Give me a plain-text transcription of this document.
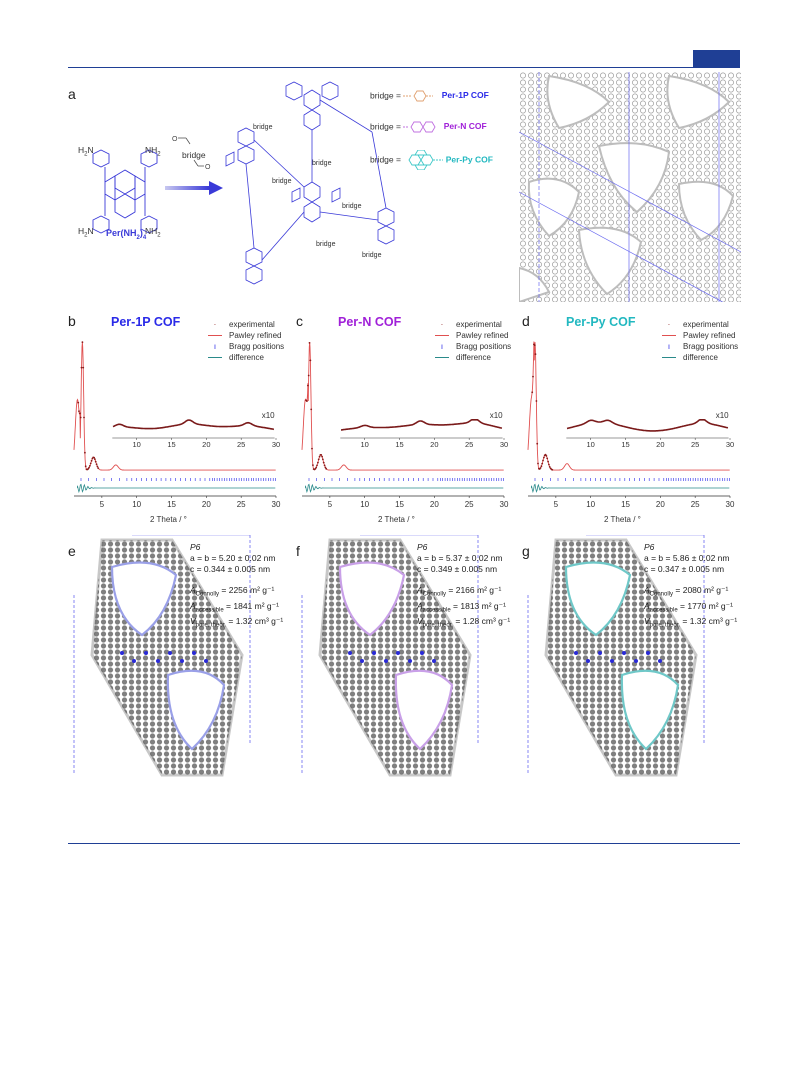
a
$H_2N$	$NH_2$
$H_2N$	$NH_2$
$Per(NH_2)_4$
O
O
bridge
bridge
bridge
bridge
bridge
bridge
bridge
bridge =	Per-1P COF
bridge =	Per-N COF
bridge =	Per-Py COF
b	c	d
Per-1P COF	Per-N COF	Per-Py COF
·	experimental
Pawley refined
ı	Bragg positions
difference
·	experimental
Pawley refined
ı	Bragg positions
difference
·	experimental
Pawley refined
ı	Bragg positions
difference
10	15	20	25	30
x10
5	10	15	20	25	30
10	15	20	25	30
x10
5	10	15	20	25	30
10	15	20	25	30
x10
5	10	15	20	25	30
2 Theta / °	2 Theta / °	2 Theta / °
e	f	g
P6
a = b = 5.20 ± 0.02 nm
c = 0.344 ± 0.005 nm
$A_{Connolly} = 2256$ m² g⁻¹
$A_{accessible} = 1841$ m² g⁻¹
$V_{pore, theor.} = 1.32$ cm³ g⁻¹
P6
a = b = 5.37 ± 0.02 nm
c = 0.349 ± 0.005 nm
$A_{Connolly} = 2166$ m² g⁻¹
$A_{accessible} = 1813$ m² g⁻¹
$V_{pore, theor.} = 1.28$ cm³ g⁻¹
P6
a = b = 5.86 ± 0.02 nm
c = 0.347 ± 0.005 nm
$A_{Connolly} = 2080$ m² g⁻¹
$A_{accessible} = 1770$ m² g⁻¹
$V_{pore, theor.} = 1.32$ cm³ g⁻¹
